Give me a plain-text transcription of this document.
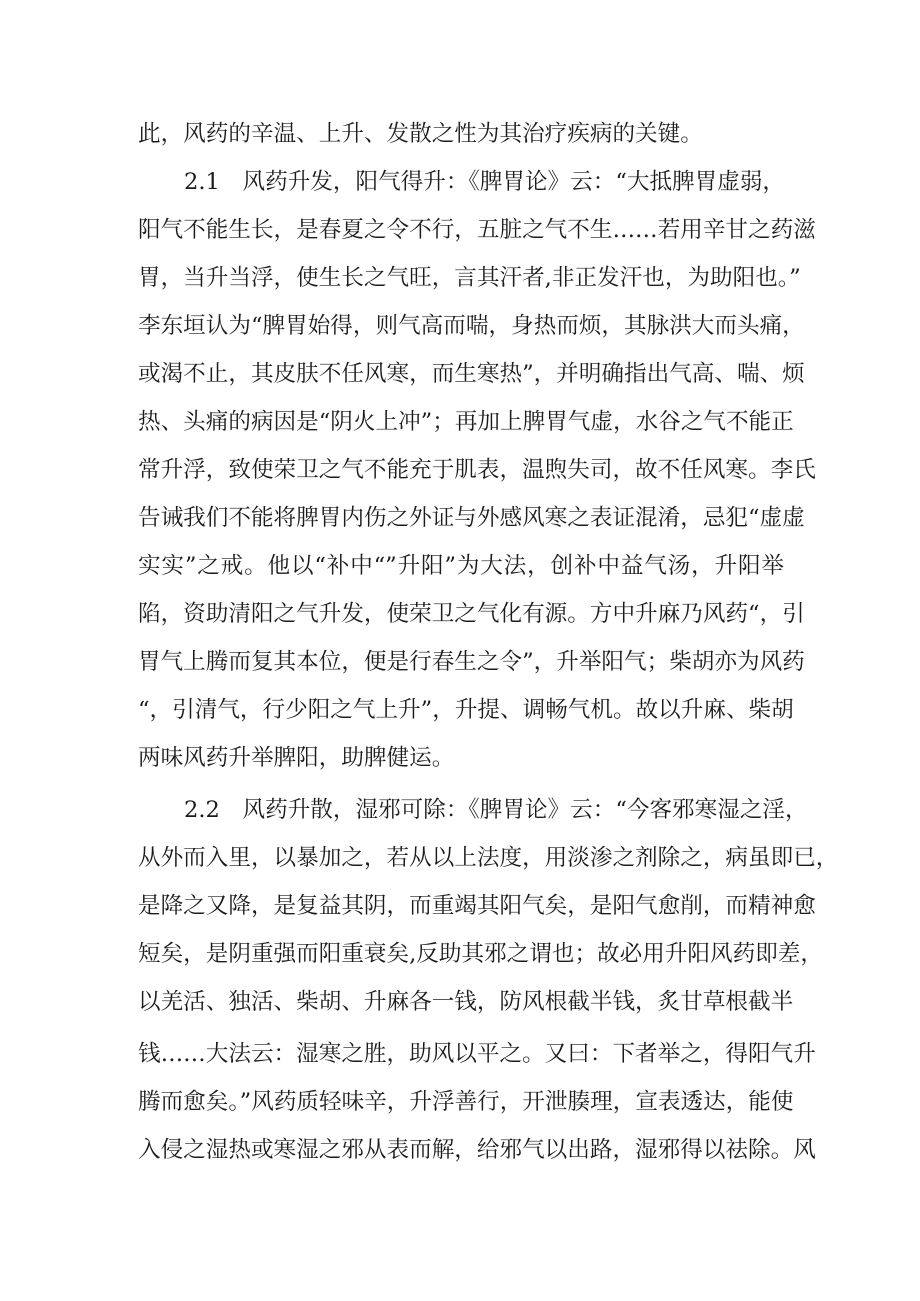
此，风药的辛温、上升、发散之性为其治疗疾病的关键。
2.1　风药升发，阳气得升：《脾胃论》云：“大抵脾胃虚弱，
阳气不能生长，是春夏之令不行，五脏之气不生……若用辛甘之药滋
胃，当升当浮，使生长之气旺，言其汗者,非正发汗也，为助阳也。”
李东垣认为“脾胃始得，则气高而喘，身热而烦，其脉洪大而头痛，
或渴不止，其皮肤不任风寒，而生寒热”，并明确指出气高、喘、烦
热、头痛的病因是“阴火上冲”；再加上脾胃气虚，水谷之气不能正
常升浮，致使荣卫之气不能充于肌表，温煦失司，故不任风寒。李氏
告诫我们不能将脾胃内伤之外证与外感风寒之表证混淆，忌犯“虚虚
实实”之戒。他以“补中“”升阳”为大法，创补中益气汤，升阳举
陷，资助清阳之气升发，使荣卫之气化有源。方中升麻乃风药“，引
胃气上腾而复其本位，便是行春生之令”，升举阳气；柴胡亦为风药
“，引清气，行少阳之气上升”，升提、调畅气机。故以升麻、柴胡
两味风药升举脾阳，助脾健运。
2.2　风药升散，湿邪可除：《脾胃论》云：“今客邪寒湿之淫，
从外而入里，以暴加之，若从以上法度，用淡渗之剂除之，病虽即已，
是降之又降，是复益其阴，而重竭其阳气矣，是阳气愈削，而精神愈
短矣，是阴重强而阳重衰矣,反助其邪之谓也；故必用升阳风药即差，
以羌活、独活、柴胡、升麻各一钱，防风根截半钱，炙甘草根截半
钱……大法云：湿寒之胜，助风以平之。又曰：下者举之，得阳气升
腾而愈矣。”风药质轻味辛，升浮善行，开泄腠理，宣表透达，能使
入侵之湿热或寒湿之邪从表而解，给邪气以出路，湿邪得以祛除。风
